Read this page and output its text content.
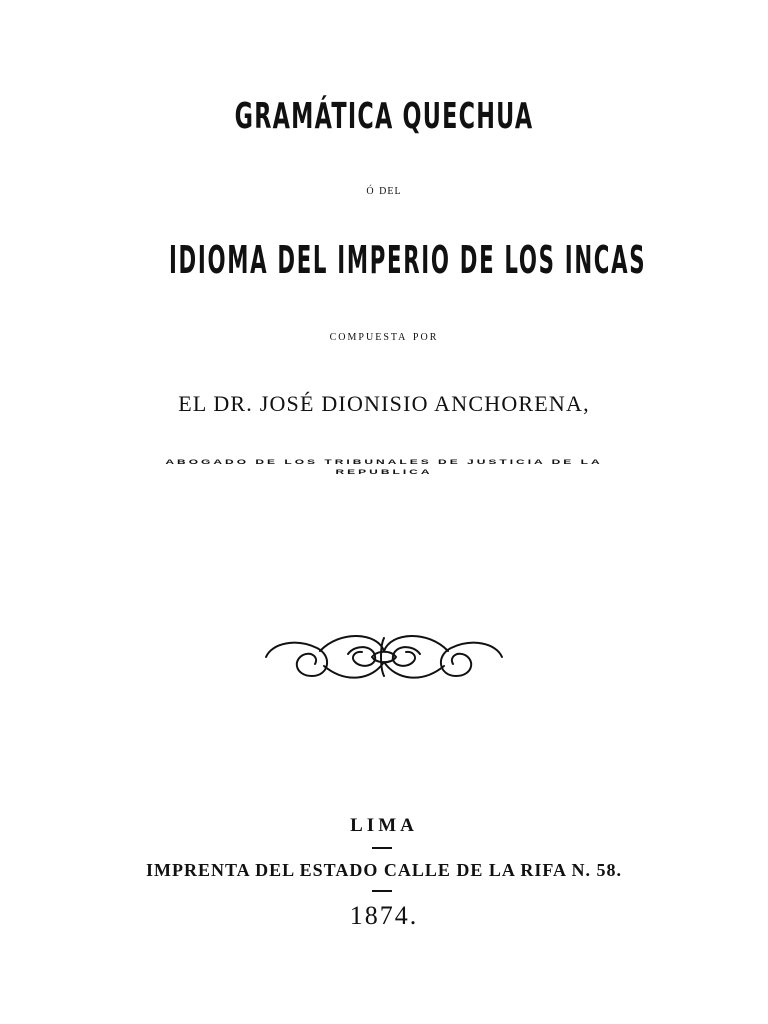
GRAMÁTICA QUECHUA
ó del
IDIOMA DEL IMPERIO DE LOS INCAS
compuesta por
EL DR. JOSÉ DIONISIO ANCHORENA,
ABOGADO DE LOS TRIBUNALES DE JUSTICIA DE LA
REPUBLICA
LIMA
IMPRENTA DEL ESTADO CALLE DE LA RIFA N. 58.
1874.
